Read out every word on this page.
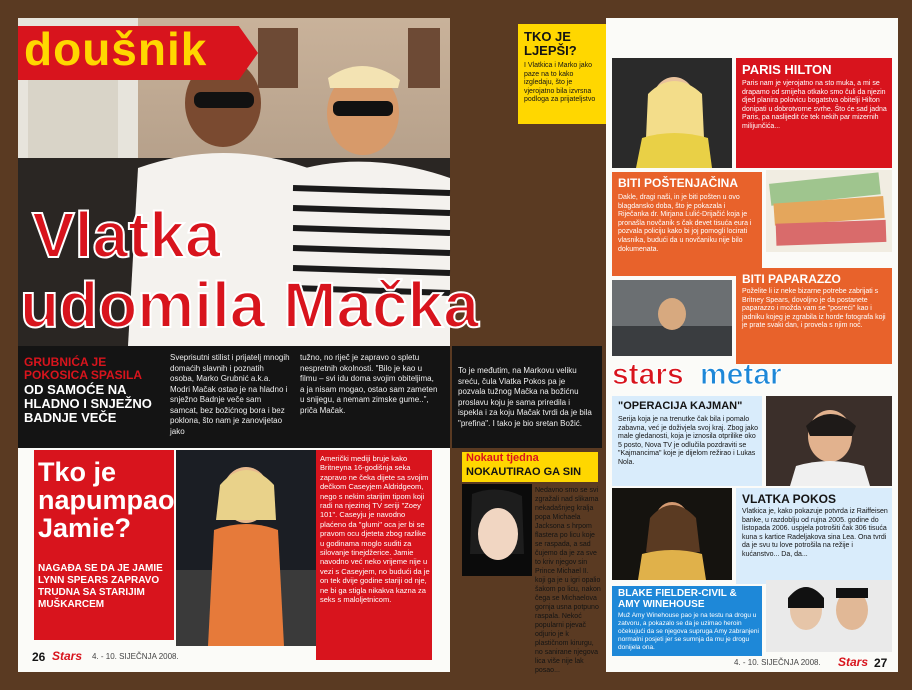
doušnik
Vlatka
udomila Mačka
GRUBNIĆA JE POKOSICA SPASILA
OD SAMOĆE NA HLADNO I SNJEŽNO BADNJE VEČE
Sveprisutni stilist i prijatelj mnogih domaćih slavnih i poznatih osoba, Marko Grubnić a.k.a. Modri Mačak ostao je na hladno i snježno Badnje veče sam samcat, bez božićnog bora i bez poklona, što nam je zanovijetao jako
tužno, no riječ je zapravo o spletu nespretnih okolnosti. "Bilo je kao u filmu – svi idu doma svojim obiteljima, a ja nisam mogao, ostao sam zameten u snijegu, a nemam zimske gume..", priča Mačak.
Tko je napumpao Jamie?
NAGAĐA SE DA JE JAMIE LYNN SPEARS ZAPRAVO TRUDNA SA STARIJIM MUŠKARCEM
Američki mediji bruje kako Britneyna 16-godišnja seka zapravo ne čeka dijete sa svojim dečkom Caseyjem Aldridgeom, nego s nekim starijim tipom koji radi na njezinoj TV seriji "Zoey 101". Caseyju je navodno plaćeno da "glumi" oca jer bi se pravom ocu djeteta zbog razlike u godinama moglo suditi za silovanje tinejdžerice. Jamie navodno već neko vrijeme nije u vezi s Caseyjem, no budući da je on tek dvije godine stariji od nje, ne bi ga stigla nikakva kazna za seks s maloljetnicom.
26 Stars 4. - 10. SIJEČNJA 2008.
TKO JE LJEPŠI?
I Vlatkica i Marko jako paze na to kako izgledaju, što je vjerojatno bila izvrsna podloga za prijateljstvo
To je međutim, na Markovu veliku sreću, čula Vlatka Pokos pa je pozvala tužnog Mačka na božićnu proslavu koju je sama priredila i ispekla i za koju Mačak tvrdi da je bila "prefina". I tako je bio sretan Božić.
Nokaut tjedna
NOKAUTIRAO GA SIN
Nedavno smo se svi zgražali nad slikama nekadašnjeg kralja popa Michaela Jacksona s hrpom flastera po licu koje se raspada, a sad čujemo da je za sve to kriv njegov sin Prince Michael II. koji ga je u igri opalio šakom po licu, nakon čega se Michaelova gornja usna potpuno raspala. Nekoć popularni pjevač odjurio je k plastičnom kirurgu, no sanirane njegova lica više nije lak posao...
PARIS HILTON
Paris nam je vjerojatno na sto muka, a mi se drapamo od smijeha otkako smo čuli da njezin djed planira polovicu bogatstva obitelji Hilton doniрati u dobrotvorne svrhe. Što će sad jadna Paris, pa naslijedit će tek nekih par mizernih milijunčića...
BITI POŠTENJAČINA
Dakle, dragi naši, in je biti pošten u ovo blagdansko doba, što je pokazala i Riječanka dr. Mirjana Lulić-Drijačić koja je pronašla novčanik s čak devet tisuća eura i pozvala policiju kako bi joj pomogli locirati vlasnika, budući da u novčaniku nije bilo dokumenata.
BITI PAPARAZZO
Poželite li iz neke bizarne potrebe zabrijati s Britney Spears, dovoljno je da postanete paparazzo i možda vam se "posreći" kao i jadniku kojeg je zgrabila iz horde fotografa koji je prate svaki dan, i provela s njim noć.
stars metar
"OPERACIJA KAJMAN"
Serija koja je na trenutke čak bila i pomalo zabavna, već je doživjela svoj kraj. Zbog jako male gledanosti, koja je iznosila otprilike oko 5 posto, Nova TV je odlučila pozdraviti se "Kajmancima" koje je dijelom režirao i Lukas Nola.
VLATKA POKOS
Vlatkica je, kako pokazuje potvrda iz Raiffeisen banke, u razdoblju od rujna 2005. godine do listopada 2006. uspjela potrošiti čak 306 tisuća kuna s kartice Radeljakova sina Lea. Ona tvrdi da je svu tu love potrošila na režije i kućanstvo... Da, da...
BLAKE FIELDER-CIVIL & AMY WINEHOUSE
Muž Amy Winehouse pao je na testu na drogu u zatvoru, a pokazalo se da je uzimao heroin očekujući da se njegova supruga Amy zabranjeni normalni posjeti jer se sumnja da mu je drogu donijela ona.
4. - 10. SIJEČNJA 2008. Stars 27
